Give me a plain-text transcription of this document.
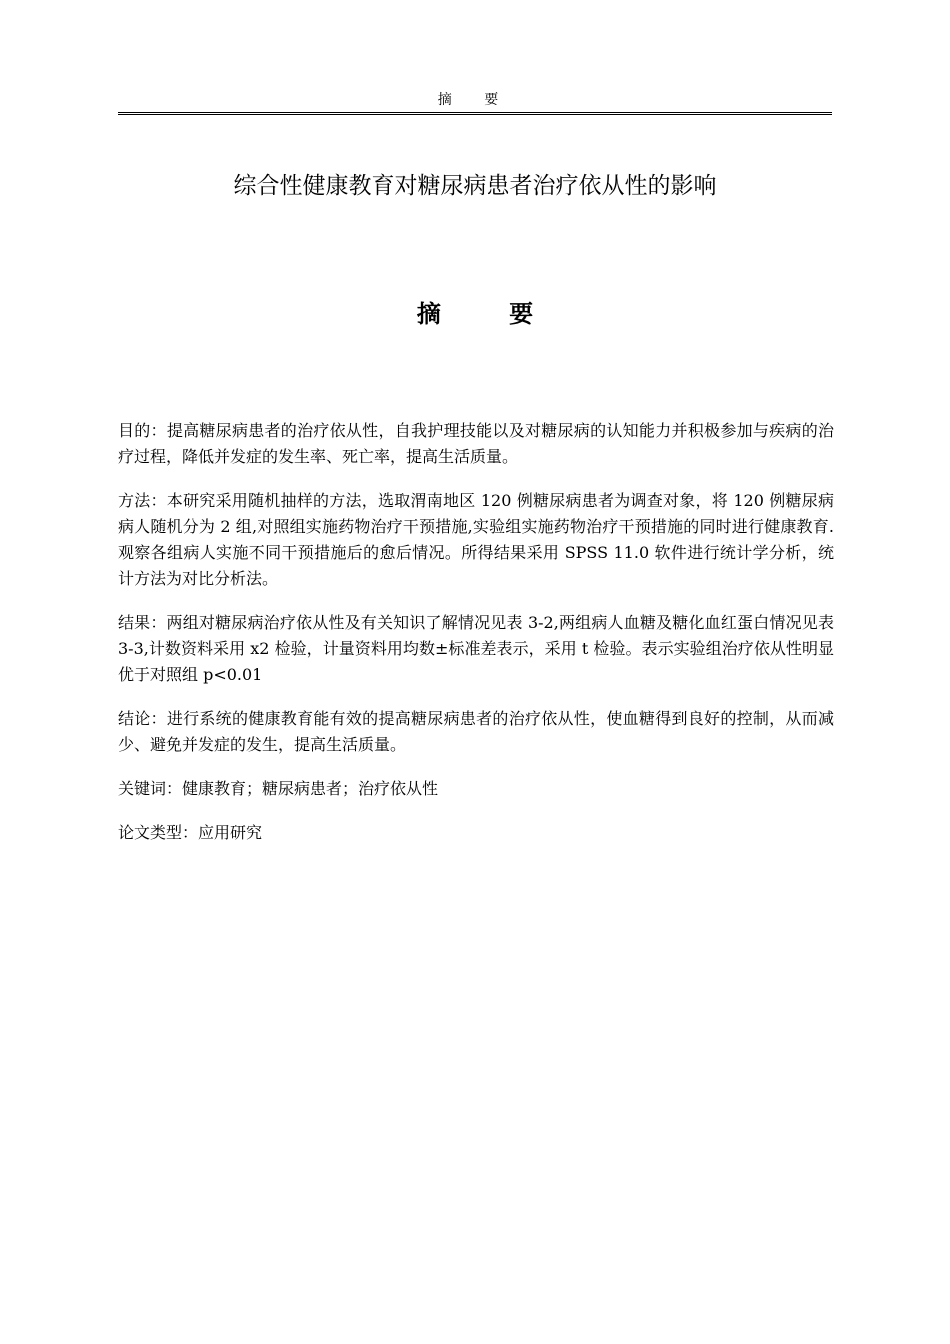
摘 要
综合性健康教育对糖尿病患者治疗依从性的影响
摘 要

目的：提高糖尿病患者的治疗依从性，自我护理技能以及对糖尿病的认知能力并积极参加与疾病的治疗过程，降低并发症的发生率、死亡率，提高生活质量。

方法：本研究采用随机抽样的方法，选取渭南地区 120 例糖尿病患者为调查对象，将 120 例糖尿病病人随机分为 2 组,对照组实施药物治疗干预措施,实验组实施药物治疗干预措施的同时进行健康教育.观察各组病人实施不同干预措施后的愈后情况。所得结果采用 SPSS 11.0 软件进行统计学分析，统计方法为对比分析法。

结果：两组对糖尿病治疗依从性及有关知识了解情况见表 3-2,两组病人血糖及糖化血红蛋白情况见表 3-3,计数资料采用 x2 检验，计量资料用均数±标准差表示，采用 t 检验。表示实验组治疗依从性明显优于对照组 p<0.01

结论：进行系统的健康教育能有效的提高糖尿病患者的治疗依从性，使血糖得到良好的控制，从而减少、避免并发症的发生，提高生活质量。

关键词：健康教育；糖尿病患者；治疗依从性

论文类型：应用研究
